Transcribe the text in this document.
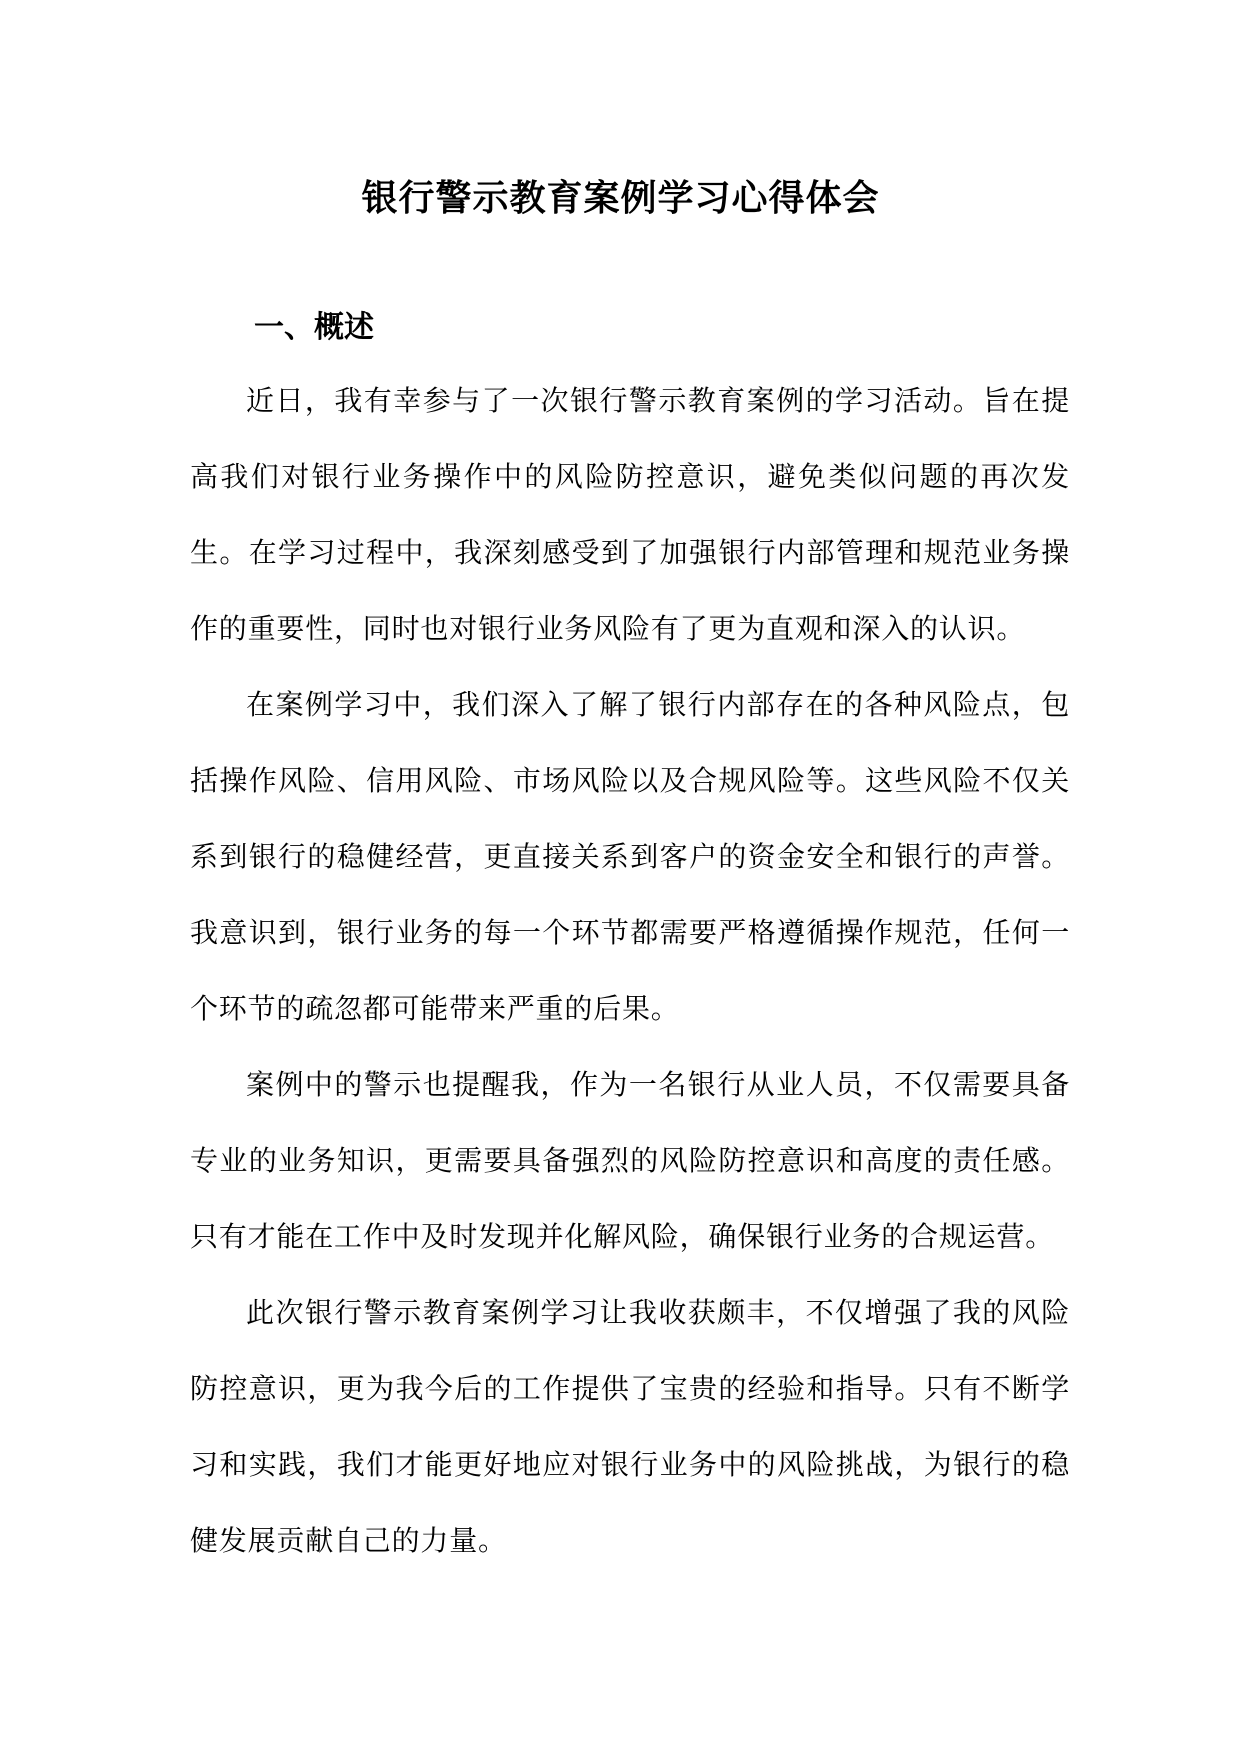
银行警示教育案例学习心得体会
一、概述

近日，我有幸参与了一次银行警示教育案例的学习活动。旨在提高我们对银行业务操作中的风险防控意识，避免类似问题的再次发生。在学习过程中，我深刻感受到了加强银行内部管理和规范业务操作的重要性，同时也对银行业务风险有了更为直观和深入的认识。

在案例学习中，我们深入了解了银行内部存在的各种风险点，包括操作风险、信用风险、市场风险以及合规风险等。这些风险不仅关系到银行的稳健经营，更直接关系到客户的资金安全和银行的声誉。我意识到，银行业务的每一个环节都需要严格遵循操作规范，任何一个环节的疏忽都可能带来严重的后果。

案例中的警示也提醒我，作为一名银行从业人员，不仅需要具备专业的业务知识，更需要具备强烈的风险防控意识和高度的责任感。只有才能在工作中及时发现并化解风险，确保银行业务的合规运营。

此次银行警示教育案例学习让我收获颇丰，不仅增强了我的风险防控意识，更为我今后的工作提供了宝贵的经验和指导。只有不断学习和实践，我们才能更好地应对银行业务中的风险挑战，为银行的稳健发展贡献自己的力量。
